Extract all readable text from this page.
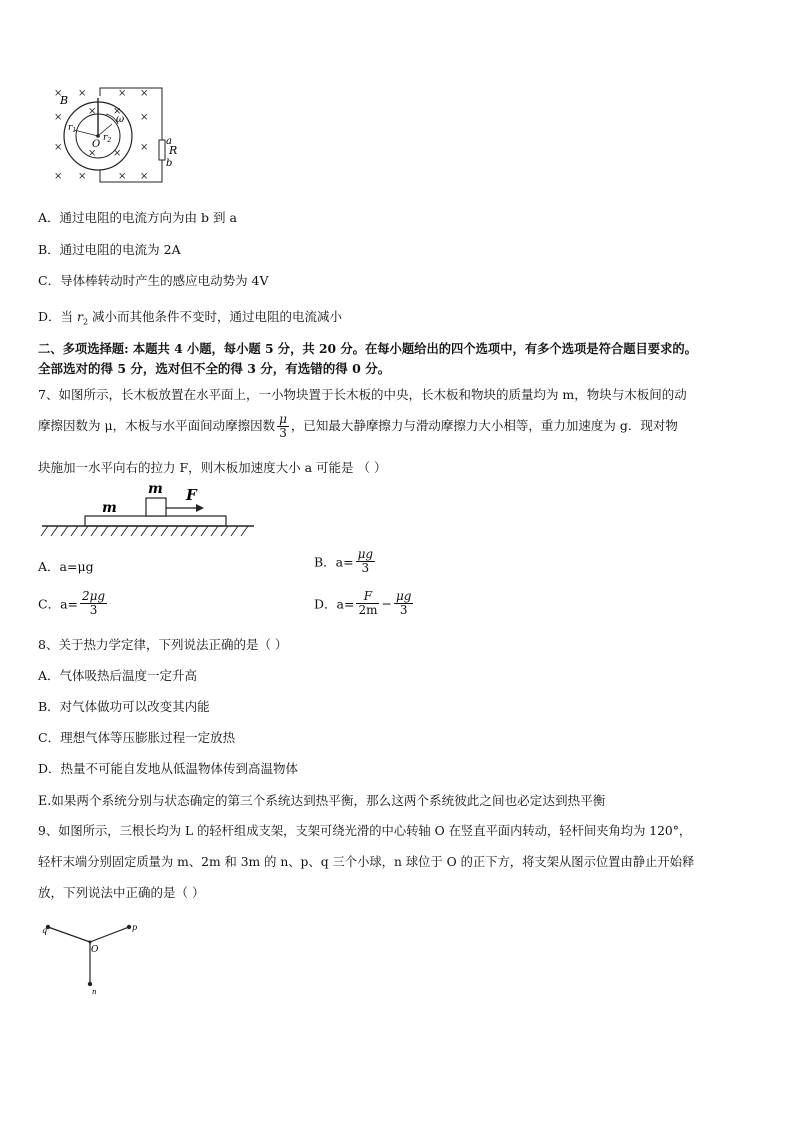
× ×	× ×
×
×
× ×	× ×
×
×
× ×
× ×
B
ω
O
$r_1$
$r_2$	a
R
b
A．通过电阻的电流方向为由 b 到 a
B．通过电阻的电流为 2A
C．导体棒转动时产生的感应电动势为 4V
D．当 $r_2$ 减小而其他条件不变时，通过电阻的电流减小
二、多项选择题: 本题共 4 小题，每小题 5 分，共 20 分。在每小题给出的四个选项中，有多个选项是符合题目要求的。
全部选对的得 5 分，选对但不全的得 3 分，有选错的得 0 分。
7、如图所示，长木板放置在水平面上，一小物块置于长木板的中央，长木板和物块的质量均为 m，物块与木板间的动
摩擦因数为 μ，木板与水平面间动摩擦因数 $\frac{\mu}{3}$ ，已知最大静摩擦力与滑动摩擦力大小相等，重力加速度为 g．现对物
块施加一水平向右的拉力 F，则木板加速度大小 a 可能是 （ ）
m F
m
A．a=μg	B．$a= \frac{\mu g}{3}$
C．$a= \frac{2\mu g}{3}$	D．$a= \frac{F}{2m} - \frac{\mu g}{3}$
8、关于热力学定律，下列说法正确的是（ ）
A．气体吸热后温度一定升高
B．对气体做功可以改变其内能
C．理想气体等压膨胀过程一定放热
D．热量不可能自发地从低温物体传到高温物体
E.如果两个系统分别与状态确定的第三个系统达到热平衡，那么这两个系统彼此之间也必定达到热平衡
9、如图所示，三根长均为 L 的轻杆组成支架，支架可绕光滑的中心转轴 O 在竖直平面内转动，轻杆间夹角均为 120°，
轻杆末端分别固定质量为 m、2m 和 3m 的 n、p、q 三个小球，n 球位于 O 的正下方，将支架从图示位置由静止开始释
放，下列说法中正确的是（ ）
q	p
O
n
